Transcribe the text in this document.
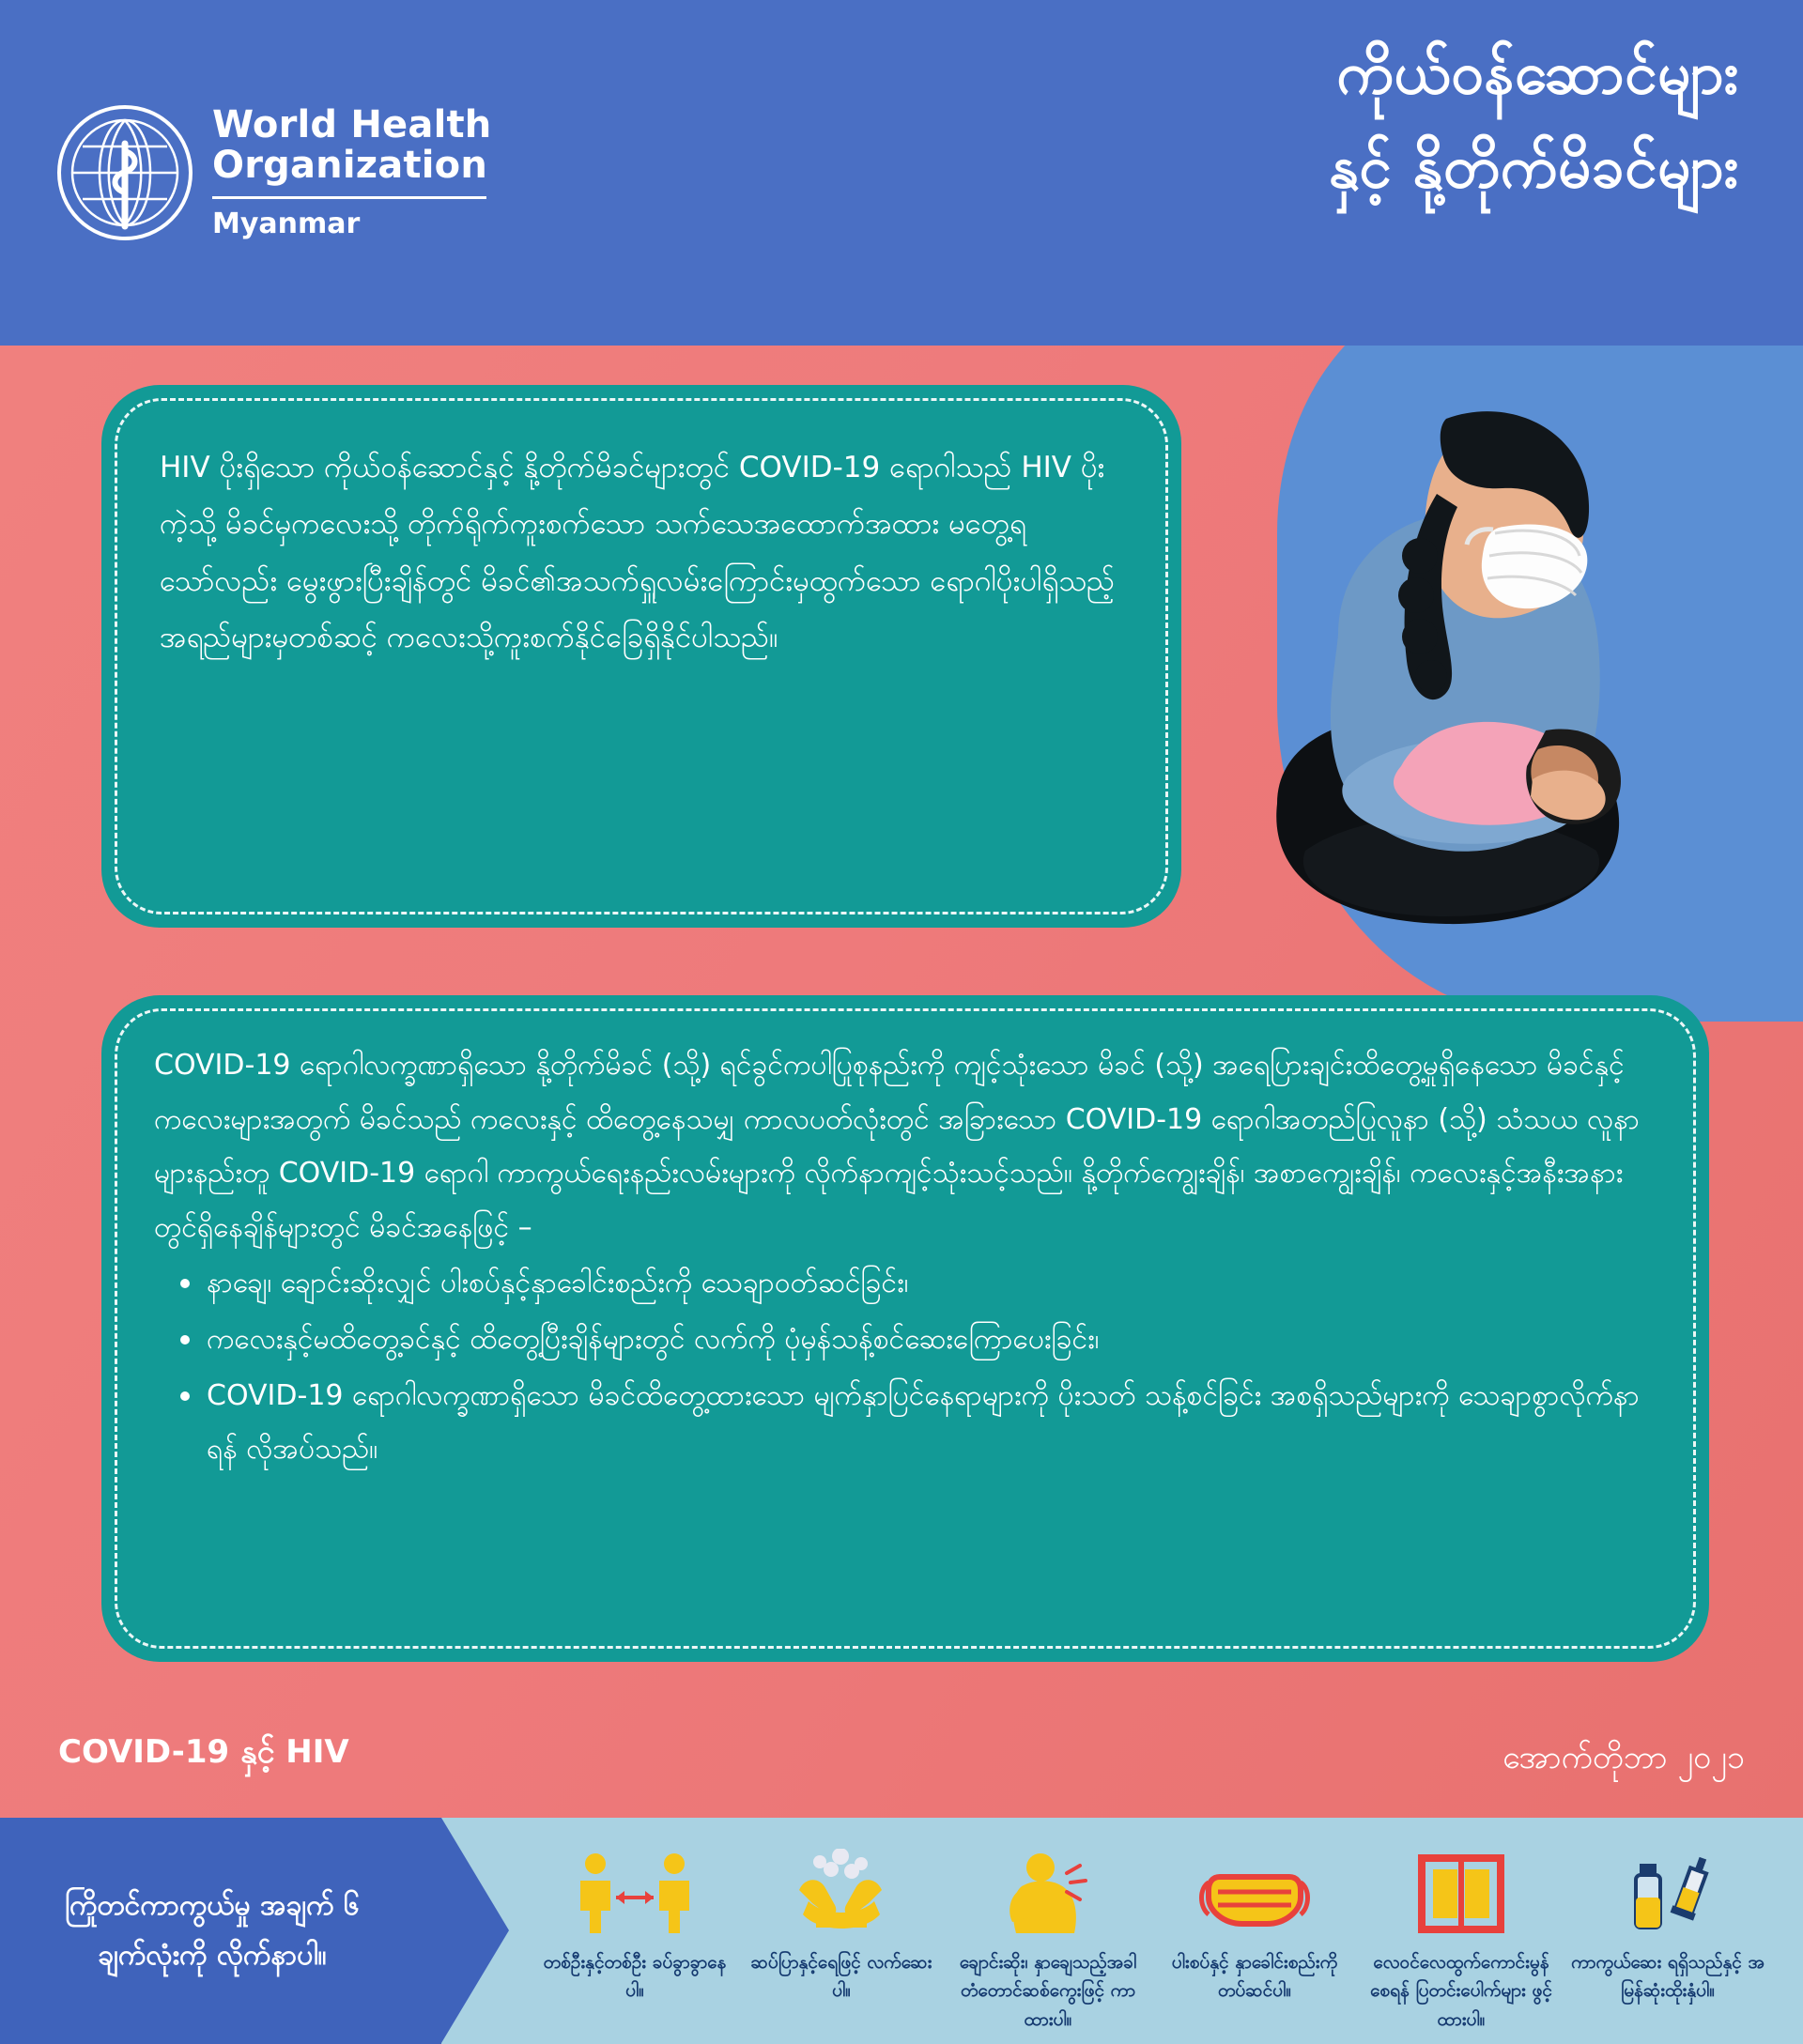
World Health
Organization
Myanmar
ကိုယ်ဝန်ဆောင်များ
နှင့် နို့တိုက်မိခင်များ
HIV ပိုးရှိသော ကိုယ်ဝန်ဆောင်နှင့် နို့တိုက်မိခင်များတွင် COVID-19 ရောဂါသည် HIV ပိုးကဲ့သို့ မိခင်မှကလေးသို့ တိုက်ရိုက်ကူးစက်သော သက်သေအထောက်အထား မတွေ့ရသော်လည်း မွေးဖွားပြီးချိန်တွင် မိခင်၏အသက်ရှူလမ်းကြောင်းမှထွက်သော ရောဂါပိုးပါရှိသည့် အရည်များမှတစ်ဆင့် ကလေးသို့ကူးစက်နိုင်ခြေရှိနိုင်ပါသည်။
COVID-19 ရောဂါလက္ခဏာရှိသော နို့တိုက်မိခင် (သို့) ရင်ခွင်ကပါပြုစုနည်းကို ကျင့်သုံးသော မိခင် (သို့) အရေပြားချင်းထိတွေ့မှုရှိနေသော မိခင်နှင့်ကလေးများအတွက် မိခင်သည် ကလေးနှင့် ထိတွေ့နေသမျှ ကာလပတ်လုံးတွင် အခြားသော COVID-19 ရောဂါအတည်ပြုလူနာ (သို့) သံသယ လူနာများနည်းတူ COVID-19 ရောဂါ ကာကွယ်ရေးနည်းလမ်းများကို လိုက်နာကျင့်သုံးသင့်သည်။ နို့တိုက်ကျွေးချိန်၊ အစာကျွေးချိန်၊ ကလေးနှင့်အနီးအနားတွင်ရှိနေချိန်များတွင် မိခင်အနေဖြင့် –
နာချေ၊ ချောင်းဆိုးလျှင် ပါးစပ်နှင့်နှာခေါင်းစည်းကို သေချာဝတ်ဆင်ခြင်း၊
ကလေးနှင့်မထိတွေ့ခင်နှင့် ထိတွေ့ပြီးချိန်များတွင် လက်ကို ပုံမှန်သန့်စင်ဆေးကြောပေးခြင်း၊
COVID-19 ရောဂါလက္ခဏာရှိသော မိခင်ထိတွေ့ထားသော မျက်နှာပြင်နေရာများကို ပိုးသတ် သန့်စင်ခြင်း အစရှိသည်များကို သေချာစွာလိုက်နာရန် လိုအပ်သည်။
COVID-19 နှင့် HIV	အောက်တိုဘာ ၂၀၂၁
ကြိုတင်ကာကွယ်မှု အချက် ၆ ချက်လုံးကို လိုက်နာပါ။	တစ်ဦးနှင့်တစ်ဦး ခပ်ခွာခွာနေပါ။
ဆပ်ပြာနှင့်ရေဖြင့် လက်ဆေးပါ။
ချောင်းဆိုး၊ နှာချေသည့်အခါ တံတောင်ဆစ်ကွေးဖြင့် ကာထားပါ။
ပါးစပ်နှင့် နှာခေါင်းစည်းကို တပ်ဆင်ပါ။
လေဝင်လေထွက်ကောင်းမွန် စေရန် ပြတင်းပေါက်များ ဖွင့်ထားပါ။
ကာကွယ်ဆေး ရရှိသည်နှင့် အမြန်ဆုံးထိုးနှံပါ။
